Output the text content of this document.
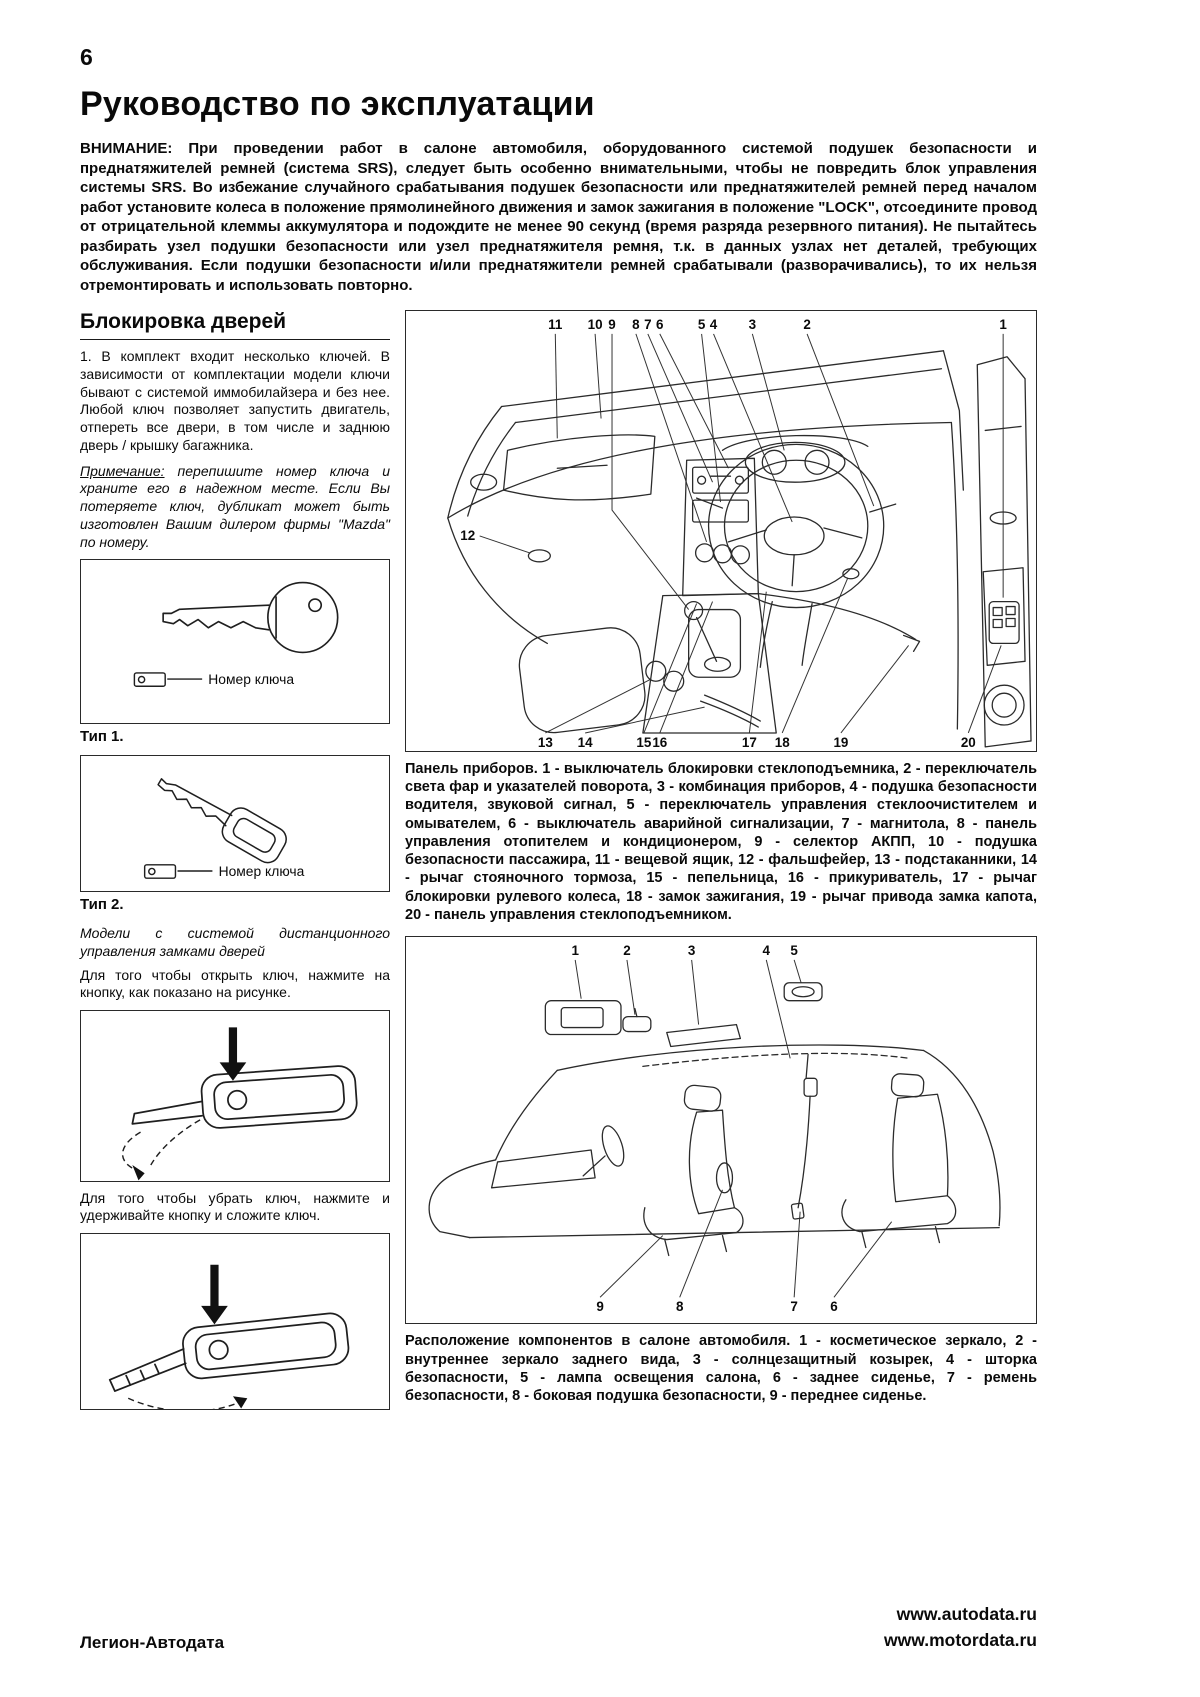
6
Руководство по эксплуатации

ВНИМАНИЕ: При проведении работ в салоне автомобиля, оборудованного системой подушек безопасности и преднатяжителей ремней (система SRS), следует быть особенно внимательными, чтобы не повредить блок управления системы SRS. Во избежание случайного срабатывания подушек безопасности или преднатяжителей ремней перед началом работ установите колеса в положение прямолинейного движения и замок зажигания в положение "LOCK", отсоедините провод от отрицательной клеммы аккумулятора и подождите не менее 90 секунд (время разряда резервного питания). Не пытайтесь разбирать узел подушки безопасности или узел преднатяжителя ремня, т.к. в данных узлах нет деталей, требующих обслуживания. Если подушки безопасности и/или преднатяжители ремней срабатывали (разворачивались), то их нельзя отремонтировать и использовать повторно.

Блокировка дверей

1. В комплект входит несколько ключей. В зависимости от комплектации модели ключи бывают с системой иммобилайзера и без нее. Любой ключ позволяет запустить двигатель, отпереть все двери, в том числе и заднюю дверь / крышку багажника.

Примечание: перепишите номер ключа и храните его в надежном месте. Если Вы потеряете ключ, дубликат может быть изготовлен Вашим дилером фирмы "Mazda" по номеру.

Номер ключа
Тип 1.
Номер ключа
Тип 2.

Модели с системой дистанционного управления замками дверей

Для того чтобы открыть ключ, нажмите на кнопку, как показано на рисунке.

Для того чтобы убрать ключ, нажмите и удерживайте кнопку и сложите ключ.

11 10 9 8 7 6	5 4 3	2	1
12
13 14	15 16	17 18	19	20

Панель приборов. 1 - выключатель блокировки стеклоподъемника, 2 - переключатель света фар и указателей поворота, 3 - комбинация приборов, 4 - подушка безопасности водителя, звуковой сигнал, 5 - переключатель управления стеклоочистителем и омывателем, 6 - выключатель аварийной сигнализации, 7 - магнитола, 8 - панель управления отопителем и кондиционером, 9 - селектор АКПП, 10 - подушка безопасности пассажира, 11 - вещевой ящик, 12 - фальшфейер, 13 - подстаканники, 14 - рычаг стояночного тормоза, 15 - пепельница, 16 - прикуриватель, 17 - рычаг блокировки рулевого колеса, 18 - замок зажигания, 19 - рычаг привода замка капота, 20 - панель управления стеклоподъемником.

1	2	3	4 5
9	8	7 6

Расположение компонентов в салоне автомобиля. 1 - косметическое зеркало, 2 - внутреннее зеркало заднего вида, 3 - солнцезащитный козырек, 4 - шторка безопасности, 5 - лампа освещения салона, 6 - заднее сиденье, 7 - ремень безопасности, 8 - боковая подушка безопасности, 9 - переднее сиденье.

Легион-Автодата
www.autodata.ru
www.motordata.ru
